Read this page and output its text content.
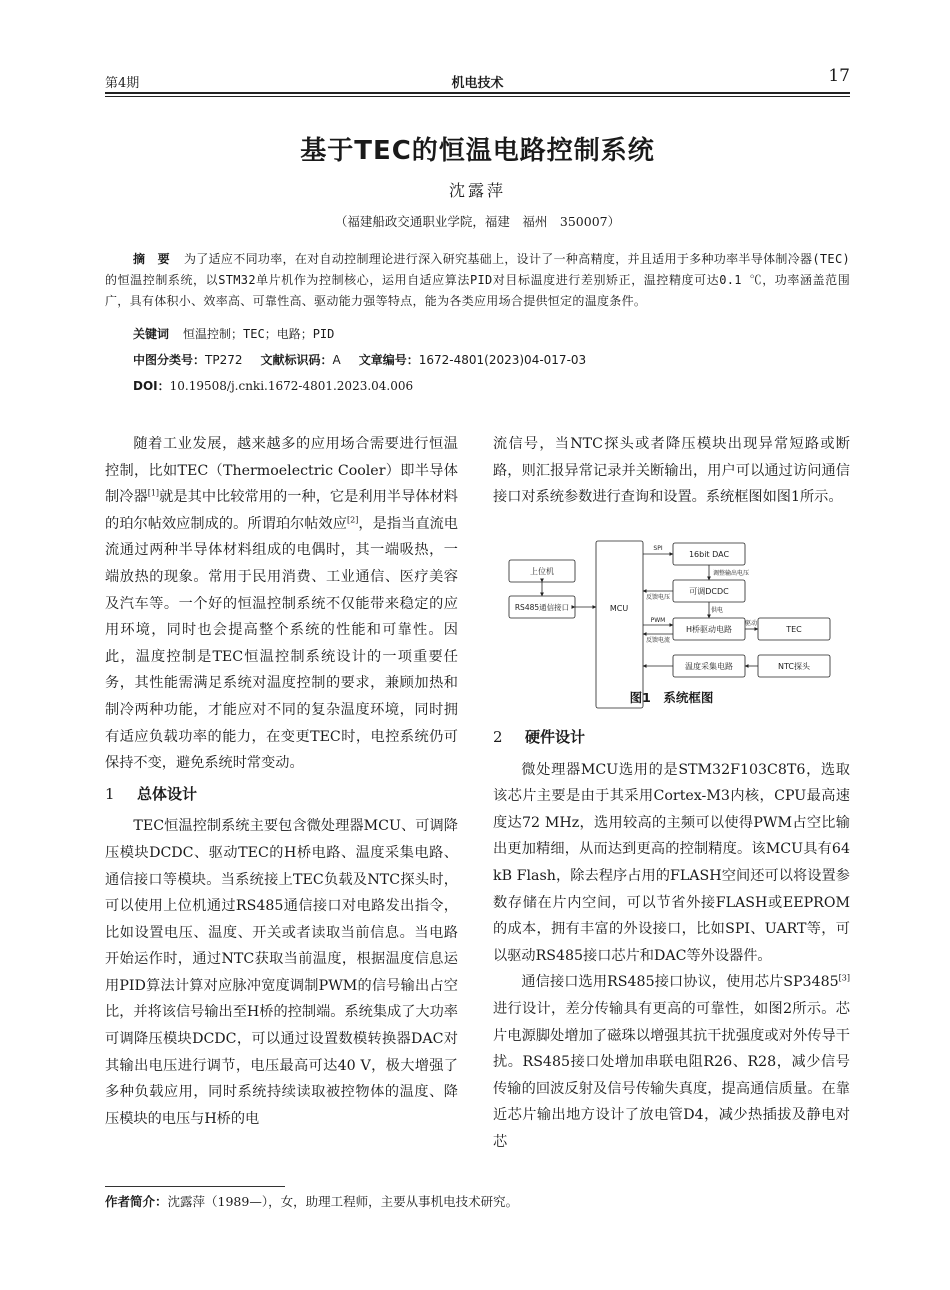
第4期	机电技术	17
基于TEC的恒温电路控制系统
沈露萍
（福建船政交通职业学院，福建　福州　350007）
摘　要 为了适应不同功率，在对自动控制理论进行深入研究基础上，设计了一种高精度，并且适用于多种功率半导体制冷器(TEC)的恒温控制系统，以STM32单片机作为控制核心，运用自适应算法PID对目标温度进行差别矫正，温控精度可达0.1 ℃，功率涵盖范围广，具有体积小、效率高、可靠性高、驱动能力强等特点，能为各类应用场合提供恒定的温度条件。
关键词 恒温控制；TEC；电路；PID
中图分类号：TP272 文献标识码：A 文章编号：1672-4801(2023)04-017-03
DOI：10.19508/j.cnki.1672-4801.2023.04.006

随着工业发展，越来越多的应用场合需要进行恒温控制，比如TEC（Thermoelectric Cooler）即半导体制冷器[1]就是其中比较常用的一种，它是利用半导体材料的珀尔帖效应制成的。所谓珀尔帖效应[2]，是指当直流电流通过两种半导体材料组成的电偶时，其一端吸热，一端放热的现象。常用于民用消费、工业通信、医疗美容及汽车等。一个好的恒温控制系统不仅能带来稳定的应用环境，同时也会提高整个系统的性能和可靠性。因此，温度控制是TEC恒温控制系统设计的一项重要任务，其性能需满足系统对温度控制的要求，兼顾加热和制冷两种功能，才能应对不同的复杂温度环境，同时拥有适应负载功率的能力，在变更TEC时，电控系统仍可保持不变，避免系统时常变动。

1 总体设计

TEC恒温控制系统主要包含微处理器MCU、可调降压模块DCDC、驱动TEC的H桥电路、温度采集电路、通信接口等模块。当系统接上TEC负载及NTC探头时，可以使用上位机通过RS485通信接口对电路发出指令，比如设置电压、温度、开关或者读取当前信息。当电路开始运作时，通过NTC获取当前温度，根据温度信息运用PID算法计算对应脉冲宽度调制PWM的信号输出占空比，并将该信号输出至H桥的控制端。系统集成了大功率可调降压模块DCDC，可以通过设置数模转换器DAC对其输出电压进行调节，电压最高可达40 V，极大增强了多种负载应用，同时系统持续读取被控物体的温度、降压模块的电压与H桥的电

流信号，当NTC探头或者降压模块出现异常短路或断路，则汇报异常记录并关断输出，用户可以通过访问通信接口对系统参数进行查询和设置。系统框图如图1所示。

上位机
RS485通信接口	MCU
16bit DAC
可调DCDC
H桥驱动电路
温度采集电路
TEC
NTC探头
SPI
调整输出电压
反馈电压
供电
PWM
反馈电流
驱动
图1　 系统框图
2 硬件设计

微处理器MCU选用的是STM32F103C8T6，选取该芯片主要是由于其采用Cortex-M3内核，CPU最高速度达72 MHz，选用较高的主频可以使得PWM占空比输出更加精细，从而达到更高的控制精度。该MCU具有64 kB Flash，除去程序占用的FLASH空间还可以将设置参数存储在片内空间，可以节省外接FLASH或EEPROM的成本，拥有丰富的外设接口，比如SPI、UART等，可以驱动RS485接口芯片和DAC等外设器件。

通信接口选用RS485接口协议，使用芯片SP3485[3]进行设计，差分传输具有更高的可靠性，如图2所示。芯片电源脚处增加了磁珠以增强其抗干扰强度或对外传导干扰。RS485接口处增加串联电阻R26、R28，减少信号传输的回波反射及信号传输失真度，提高通信质量。在靠近芯片输出地方设计了放电管D4，减少热插拔及静电对芯

作者简介：沈露萍（1989—），女，助理工程师，主要从事机电技术研究。
